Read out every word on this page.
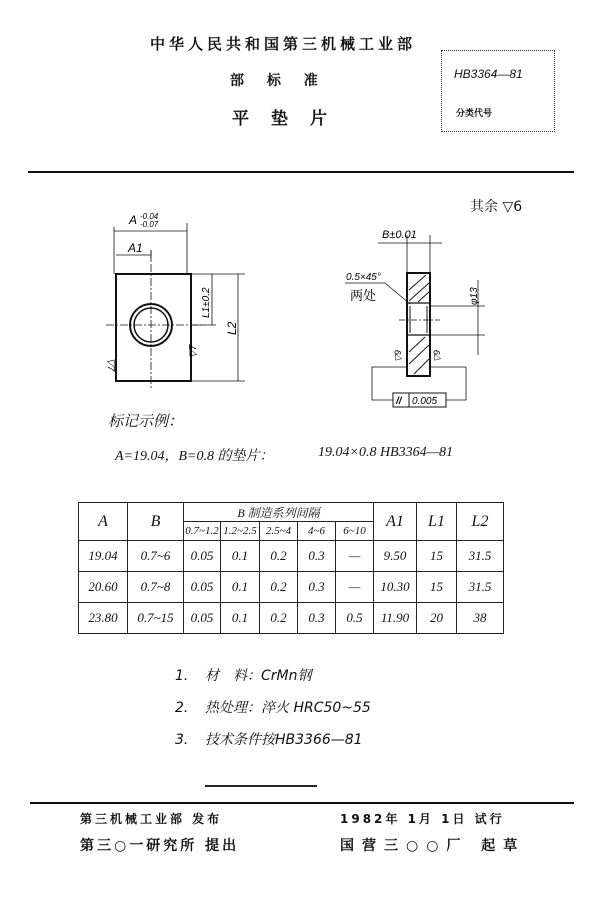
中华人民共和国第三机械工业部
部 标 准
平垫片
HB3364—81
分类代号
其余 ▽6
A -0.04
-0.07
A1
L1±0.2
L2
▽7
▽7
B±0.01
0.5×45°
两处	φ13
▽9	▽9
// 0.005
标记示例：
A=19.04，B=0.8 的垫片：	19.04×0.8 HB3364—81
A	B	B 制造系列间隔					A1	L1	L2
		0.7~1.2	1.2~2.5	2.5~4	4~6	6~10			
19.04	0.7~6	0.05	0.1	0.2	0.3	—	9.50	15	31.5
20.60	0.7~8	0.05	0.1	0.2	0.3	—	10.30	15	31.5
23.80	0.7~15	0.05	0.1	0.2	0.3	0.5	11.90	20	38
1. 材　料：CrMn钢
2. 热处理：淬火 HRC50~55
3. 技术条件按HB3366—81
第三机械工业部 发布	1982年 1月 1日 试行
第三○一研究所 提出	国营三○○厂 起草
